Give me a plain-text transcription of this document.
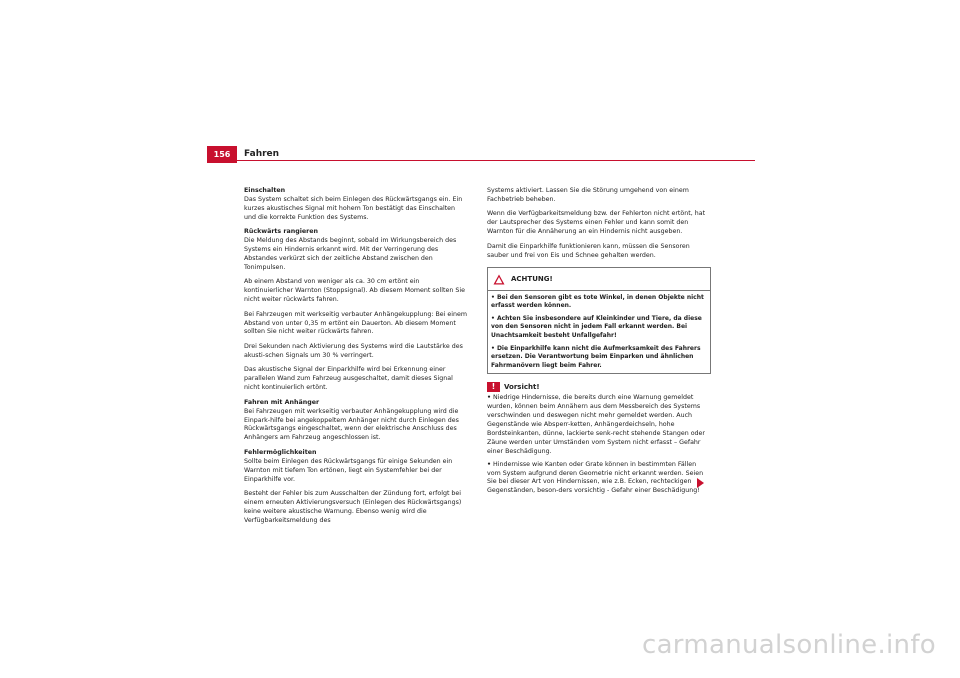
156	Fahren
Einschalten

Das System schaltet sich beim Einlegen des Rückwärtsgangs ein. Ein kurzes akustisches Signal mit hohem Ton bestätigt das Einschalten und die korrekte Funktion des Systems.

Rückwärts rangieren

Die Meldung des Abstands beginnt, sobald im Wirkungsbereich des Systems ein Hindernis erkannt wird. Mit der Verringerung des Abstandes verkürzt sich der zeitliche Abstand zwischen den Tonimpulsen.

Ab einem Abstand von weniger als ca. 30 cm ertönt ein kontinuierlicher Warnton (Stoppsignal). Ab diesem Moment sollten Sie nicht weiter rückwärts fahren.

Bei Fahrzeugen mit werkseitig verbauter Anhängekupplung: Bei einem Abstand von unter 0,35 m ertönt ein Dauerton. Ab diesem Moment sollten Sie nicht weiter rückwärts fahren.

Drei Sekunden nach Aktivierung des Systems wird die Lautstärke des akusti-schen Signals um 30 % verringert.

Das akustische Signal der Einparkhilfe wird bei Erkennung einer parallelen Wand zum Fahrzeug ausgeschaltet, damit dieses Signal nicht kontinuierlich ertönt.

Fahren mit Anhänger

Bei Fahrzeugen mit werkseitig verbauter Anhängekupplung wird die Einpark-hilfe bei angekoppeltem Anhänger nicht durch Einlegen des Rückwärtsgangs eingeschaltet, wenn der elektrische Anschluss des Anhängers am Fahrzeug angeschlossen ist.

Fehlermöglichkeiten

Sollte beim Einlegen des Rückwärtsgangs für einige Sekunden ein Warnton mit tiefem Ton ertönen, liegt ein Systemfehler bei der Einparkhilfe vor.

Besteht der Fehler bis zum Ausschalten der Zündung fort, erfolgt bei einem erneuten Aktivierungsversuch (Einlegen des Rückwärtsgangs) keine weitere akustische Warnung. Ebenso wenig wird die Verfügbarkeitsmeldung des

Systems aktiviert. Lassen Sie die Störung umgehend von einem Fachbetrieb beheben.

Wenn die Verfügbarkeitsmeldung bzw. der Fehlerton nicht ertönt, hat der Lautsprecher des Systems einen Fehler und kann somit den Warnton für die Annäherung an ein Hindernis nicht ausgeben.

Damit die Einparkhilfe funktionieren kann, müssen die Sensoren sauber und frei von Eis und Schnee gehalten werden.

ACHTUNG!

• Bei den Sensoren gibt es tote Winkel, in denen Objekte nicht erfasst werden können.

• Achten Sie insbesondere auf Kleinkinder und Tiere, da diese von den Sensoren nicht in jedem Fall erkannt werden. Bei Unachtsamkeit besteht Unfallgefahr!

• Die Einparkhilfe kann nicht die Aufmerksamkeit des Fahrers ersetzen. Die Verantwortung beim Einparken und ähnlichen Fahrmanövern liegt beim Fahrer.

!	Vorsicht!

• Niedrige Hindernisse, die bereits durch eine Warnung gemeldet wurden, können beim Annähern aus dem Messbereich des Systems verschwinden und deswegen nicht mehr gemeldet werden. Auch Gegenstände wie Absperr-ketten, Anhängerdeichseln, hohe Bordsteinkanten, dünne, lackierte senk-recht stehende Stangen oder Zäune werden unter Umständen vom System nicht erfasst – Gefahr einer Beschädigung.

• Hindernisse wie Kanten oder Grate können in bestimmten Fällen vom System aufgrund deren Geometrie nicht erkannt werden. Seien Sie bei dieser Art von Hindernissen, wie z.B. Ecken, rechteckigen Gegenständen, beson-ders vorsichtig - Gefahr einer Beschädigung!

carmanualsonline.info
